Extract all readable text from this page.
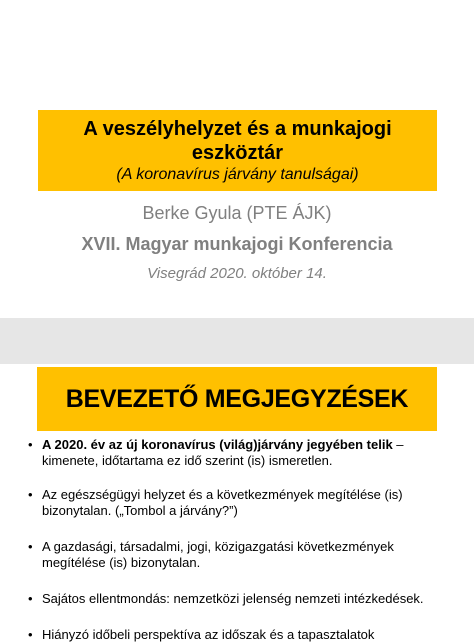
A veszélyhelyzet és a munkajogi
eszköztár
(A koronavírus járvány tanulságai)
Berke Gyula (PTE ÁJK)
XVII. Magyar munkajogi Konferencia
Visegrád 2020. október 14.
BEVEZETŐ MEGJEGYZÉSEK
• A 2020. év az új koronavírus (világ)járvány jegyében telik – kimenete, időtartama ez idő szerint (is) ismeretlen.
• Az egészségügyi helyzet és a következmények megítélése (is) bizonytalan. („Tombol a járvány?”)
• A gazdasági, társadalmi, jogi, közigazgatási következmények megítélése (is) bizonytalan.
• Sajátos ellentmondás: nemzetközi jelenség nemzeti intézkedések.
• Hiányzó időbeli perspektíva az időszak és a tapasztalatok
